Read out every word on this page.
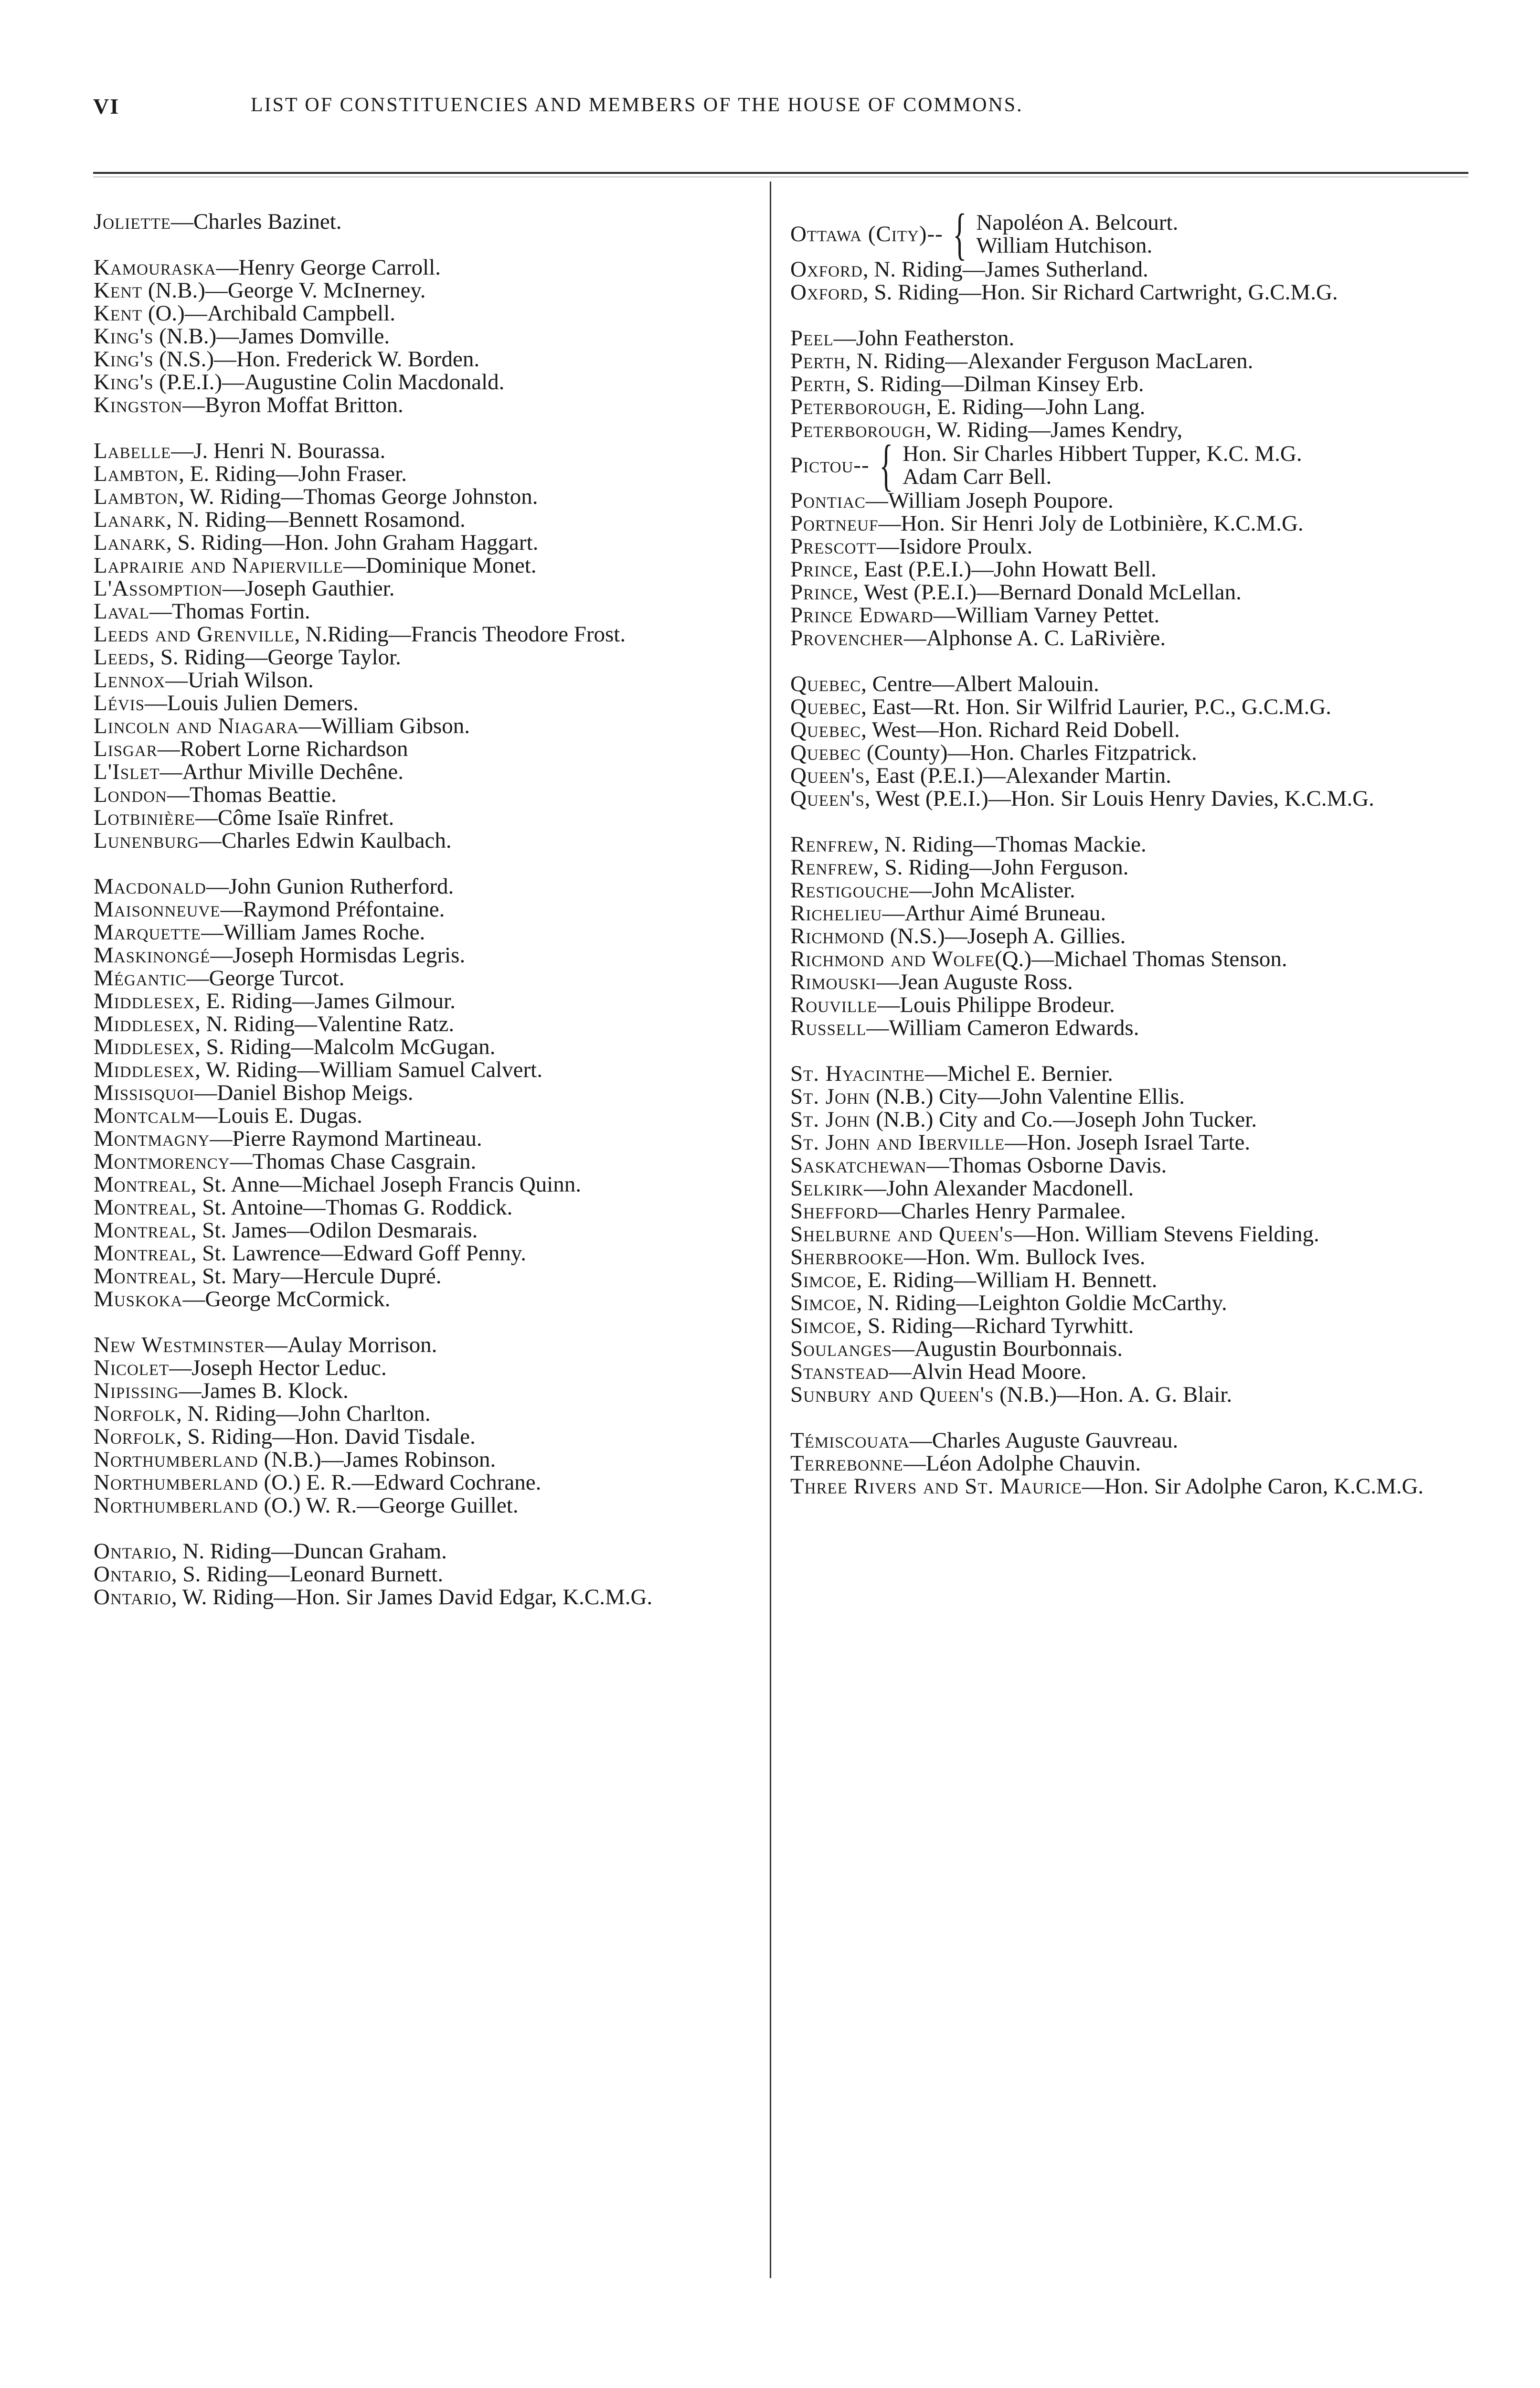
VI	LIST OF CONSTITUENCIES AND MEMBERS OF THE HOUSE OF COMMONS.

Joliette—Charles Bazinet.

Kamouraska—Henry George Carroll.

Kent (N.B.)—George V. McInerney.

Kent (O.)—Archibald Campbell.

King's (N.B.)—James Domville.

King's (N.S.)—Hon. Frederick W. Borden.

King's (P.E.I.)—Augustine Colin Macdonald.

Kingston—Byron Moffat Britton.

Labelle—J. Henri N. Bourassa.

Lambton, E. Riding—John Fraser.

Lambton, W. Riding—Thomas George Johnston.

Lanark, N. Riding—Bennett Rosamond.

Lanark, S. Riding—Hon. John Graham Haggart.

Laprairie and Napierville—Dominique Monet.

L'Assomption—Joseph Gauthier.

Laval—Thomas Fortin.

Leeds and Grenville, N.Riding—Francis Theodore Frost.

Leeds, S. Riding—George Taylor.

Lennox—Uriah Wilson.

Lévis—Louis Julien Demers.

Lincoln and Niagara—William Gibson.

Lisgar—Robert Lorne Richardson

L'Islet—Arthur Miville Dechêne.

London—Thomas Beattie.

Lotbinière—Côme Isaïe Rinfret.

Lunenburg—Charles Edwin Kaulbach.

Macdonald—John Gunion Rutherford.

Maisonneuve—Raymond Préfontaine.

Marquette—William James Roche.

Maskinongé—Joseph Hormisdas Legris.

Mégantic—George Turcot.

Middlesex, E. Riding—James Gilmour.

Middlesex, N. Riding—Valentine Ratz.

Middlesex, S. Riding—Malcolm McGugan.

Middlesex, W. Riding—William Samuel Calvert.

Missisquoi—Daniel Bishop Meigs.

Montcalm—Louis E. Dugas.

Montmagny—Pierre Raymond Martineau.

Montmorency—Thomas Chase Casgrain.

Montreal, St. Anne—Michael Joseph Francis Quinn.

Montreal, St. Antoine—Thomas G. Roddick.

Montreal, St. James—Odilon Desmarais.

Montreal, St. Lawrence—Edward Goff Penny.

Montreal, St. Mary—Hercule Dupré.

Muskoka—George McCormick.

New Westminster—Aulay Morrison.

Nicolet—Joseph Hector Leduc.

Nipissing—James B. Klock.

Norfolk, N. Riding—John Charlton.

Norfolk, S. Riding—Hon. David Tisdale.

Northumberland (N.B.)—James Robinson.

Northumberland (O.) E. R.—Edward Cochrane.

Northumberland (O.) W. R.—George Guillet.

Ontario, N. Riding—Duncan Graham.

Ontario, S. Riding—Leonard Burnett.

Ontario, W. Riding—Hon. Sir James David Edgar, K.C.M.G.

Ottawa (City)-- { Napoléon A. Belcourt.
William Hutchison.

Oxford, N. Riding—James Sutherland.

Oxford, S. Riding—Hon. Sir Richard Cartwright, G.C.M.G.

Peel—John Featherston.

Perth, N. Riding—Alexander Ferguson MacLaren.

Perth, S. Riding—Dilman Kinsey Erb.

Peterborough, E. Riding—John Lang.

Peterborough, W. Riding—James Kendry,

Pictou-- { Hon. Sir Charles Hibbert Tupper, K.C. M.G.
Adam Carr Bell.

Pontiac—William Joseph Poupore.

Portneuf—Hon. Sir Henri Joly de Lotbinière, K.C.M.G.

Prescott—Isidore Proulx.

Prince, East (P.E.I.)—John Howatt Bell.

Prince, West (P.E.I.)—Bernard Donald McLellan.

Prince Edward—William Varney Pettet.

Provencher—Alphonse A. C. LaRivière.

Quebec, Centre—Albert Malouin.

Quebec, East—Rt. Hon. Sir Wilfrid Laurier, P.C., G.C.M.G.

Quebec, West—Hon. Richard Reid Dobell.

Quebec (County)—Hon. Charles Fitzpatrick.

Queen's, East (P.E.I.)—Alexander Martin.

Queen's, West (P.E.I.)—Hon. Sir Louis Henry Davies, K.C.M.G.

Renfrew, N. Riding—Thomas Mackie.

Renfrew, S. Riding—John Ferguson.

Restigouche—John McAlister.

Richelieu—Arthur Aimé Bruneau.

Richmond (N.S.)—Joseph A. Gillies.

Richmond and Wolfe(Q.)—Michael Thomas Stenson.

Rimouski—Jean Auguste Ross.

Rouville—Louis Philippe Brodeur.

Russell—William Cameron Edwards.

St. Hyacinthe—Michel E. Bernier.

St. John (N.B.) City—John Valentine Ellis.

St. John (N.B.) City and Co.—Joseph John Tucker.

St. John and Iberville—Hon. Joseph Israel Tarte.

Saskatchewan—Thomas Osborne Davis.

Selkirk—John Alexander Macdonell.

Shefford—Charles Henry Parmalee.

Shelburne and Queen's—Hon. William Stevens Fielding.

Sherbrooke—Hon. Wm. Bullock Ives.

Simcoe, E. Riding—William H. Bennett.

Simcoe, N. Riding—Leighton Goldie McCarthy.

Simcoe, S. Riding—Richard Tyrwhitt.

Soulanges—Augustin Bourbonnais.

Stanstead—Alvin Head Moore.

Sunbury and Queen's (N.B.)—Hon. A. G. Blair.

Témiscouata—Charles Auguste Gauvreau.

Terrebonne—Léon Adolphe Chauvin.

Three Rivers and St. Maurice—Hon. Sir Adolphe Caron, K.C.M.G.
